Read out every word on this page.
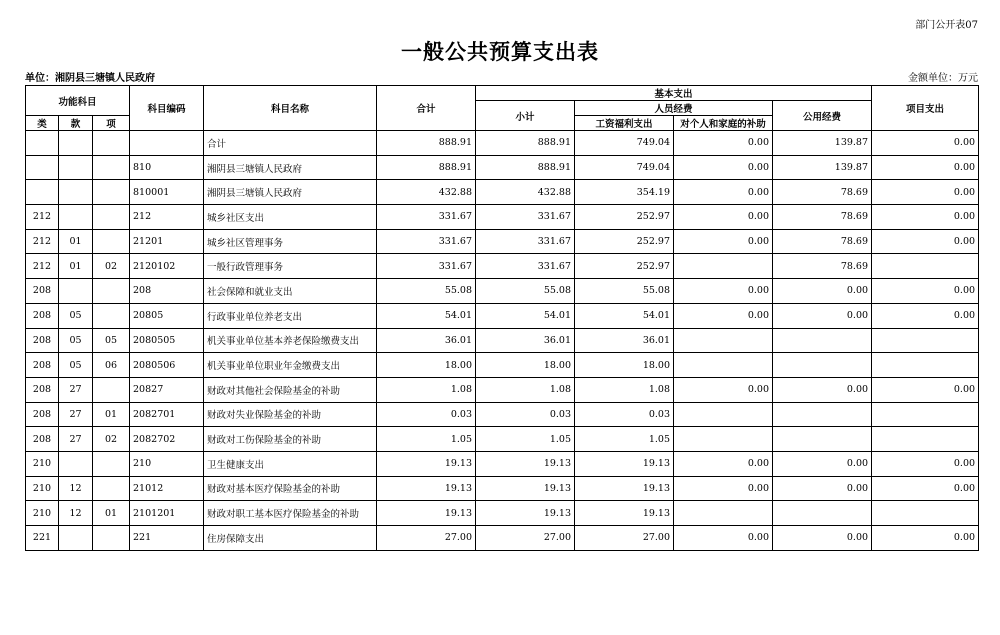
部门公开表07
一般公共预算支出表
单位：湘阴县三塘镇人民政府	金额单位：万元
功能科目			科目编码	科目名称	合计	基本支出				项目支出
						小计	人员经费		公用经费	
类	款	项					工资福利支出	对个人和家庭的补助		
				合计	888.91	888.91	749.04	0.00	139.87	0.00
			810	湘阴县三塘镇人民政府	888.91	888.91	749.04	0.00	139.87	0.00
			810001	湘阴县三塘镇人民政府	432.88	432.88	354.19	0.00	78.69	0.00
212			212	城乡社区支出	331.67	331.67	252.97	0.00	78.69	0.00
212	01		21201	城乡社区管理事务	331.67	331.67	252.97	0.00	78.69	0.00
212	01	02	2120102	一般行政管理事务	331.67	331.67	252.97		78.69	
208			208	社会保障和就业支出	55.08	55.08	55.08	0.00	0.00	0.00
208	05		20805	行政事业单位养老支出	54.01	54.01	54.01	0.00	0.00	0.00
208	05	05	2080505	机关事业单位基本养老保险缴费支出	36.01	36.01	36.01			
208	05	06	2080506	机关事业单位职业年金缴费支出	18.00	18.00	18.00			
208	27		20827	财政对其他社会保险基金的补助	1.08	1.08	1.08	0.00	0.00	0.00
208	27	01	2082701	财政对失业保险基金的补助	0.03	0.03	0.03			
208	27	02	2082702	财政对工伤保险基金的补助	1.05	1.05	1.05			
210			210	卫生健康支出	19.13	19.13	19.13	0.00	0.00	0.00
210	12		21012	财政对基本医疗保险基金的补助	19.13	19.13	19.13	0.00	0.00	0.00
210	12	01	2101201	财政对职工基本医疗保险基金的补助	19.13	19.13	19.13			
221			221	住房保障支出	27.00	27.00	27.00	0.00	0.00	0.00
